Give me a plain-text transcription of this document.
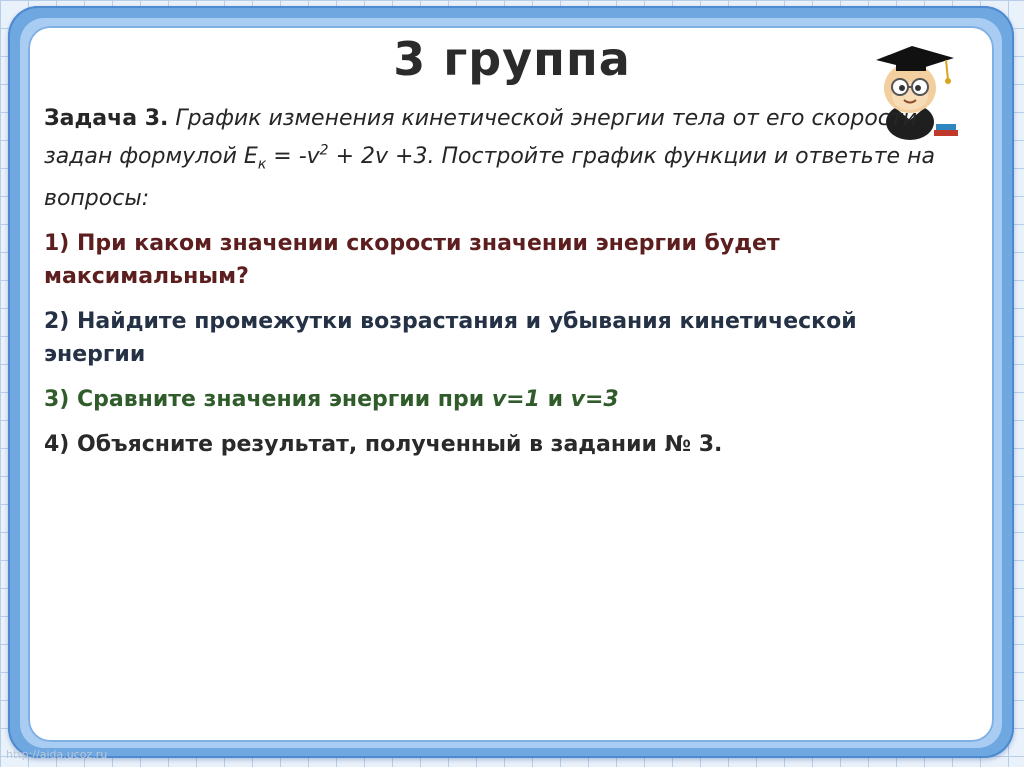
3 группа

Задача 3. График изменения кинетической энергии тела от его скорости задан формулой $E_к = -v^2 + 2v +3$. Постройте график функции и ответьте на вопросы:

1) При каком значении скорости значении энергии будет максимальным?

2) Найдите промежутки возрастания и убывания кинетической энергии

3) Сравните значения энергии при v=1 и v=3

4) Объясните результат, полученный в задании № 3.

http://aida.ucoz.ru
